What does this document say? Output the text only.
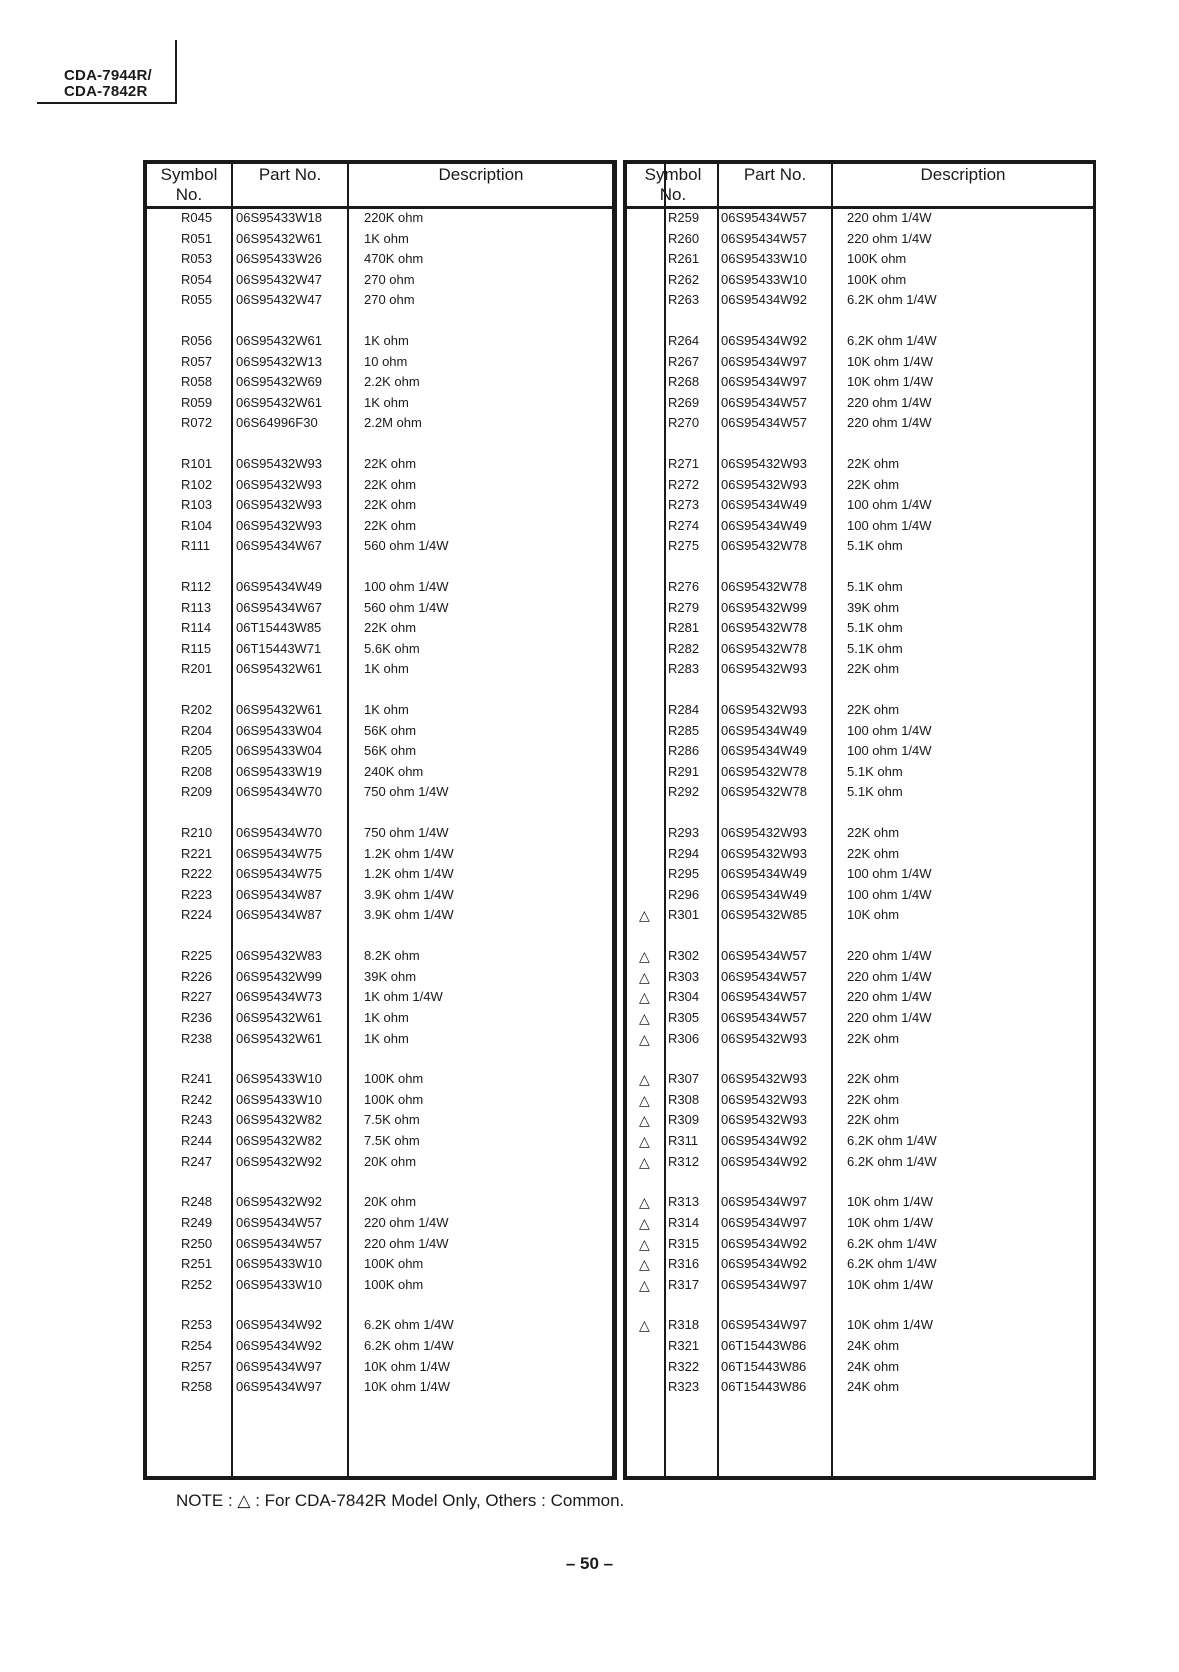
CDA-7944R/
CDA-7842R
Symbol
No.
Part No.	Description
R045 06S95433W18	220K ohm
R051 06S95432W61	1K ohm
R053 06S95433W26	470K ohm
R054 06S95432W47	270 ohm
R055 06S95432W47	270 ohm
R056 06S95432W61	1K ohm
R057 06S95432W13	10 ohm
R058 06S95432W69	2.2K ohm
R059 06S95432W61	1K ohm
R072 06S64996F30	2.2M ohm
R101 06S95432W93	22K ohm
R102 06S95432W93	22K ohm
R103 06S95432W93	22K ohm
R104 06S95432W93	22K ohm
R111 06S95434W67	560 ohm 1/4W
R112 06S95434W49	100 ohm 1/4W
R113 06S95434W67	560 ohm 1/4W
R114 06T15443W85	22K ohm
R115 06T15443W71	5.6K ohm
R201 06S95432W61	1K ohm
R202 06S95432W61	1K ohm
R204 06S95433W04	56K ohm
R205 06S95433W04	56K ohm
R208 06S95433W19	240K ohm
R209 06S95434W70	750 ohm 1/4W
R210 06S95434W70	750 ohm 1/4W
R221 06S95434W75	1.2K ohm 1/4W
R222 06S95434W75	1.2K ohm 1/4W
R223 06S95434W87	3.9K ohm 1/4W
R224 06S95434W87	3.9K ohm 1/4W
R225 06S95432W83	8.2K ohm
R226 06S95432W99	39K ohm
R227 06S95434W73	1K ohm 1/4W
R236 06S95432W61	1K ohm
R238 06S95432W61	1K ohm
R241 06S95433W10	100K ohm
R242 06S95433W10	100K ohm
R243 06S95432W82	7.5K ohm
R244 06S95432W82	7.5K ohm
R247 06S95432W92	20K ohm
R248 06S95432W92	20K ohm
R249 06S95434W57	220 ohm 1/4W
R250 06S95434W57	220 ohm 1/4W
R251 06S95433W10	100K ohm
R252 06S95433W10	100K ohm
R253 06S95434W92	6.2K ohm 1/4W
R254 06S95434W92	6.2K ohm 1/4W
R257 06S95434W97	10K ohm 1/4W
R258 06S95434W97	10K ohm 1/4W
Symbol
No.
Part No.	Description
R259 06S95434W57	220 ohm 1/4W
R260 06S95434W57	220 ohm 1/4W
R261 06S95433W10	100K ohm
R262 06S95433W10	100K ohm
R263 06S95434W92	6.2K ohm 1/4W
R264 06S95434W92	6.2K ohm 1/4W
R267 06S95434W97	10K ohm 1/4W
R268 06S95434W97	10K ohm 1/4W
R269 06S95434W57	220 ohm 1/4W
R270 06S95434W57	220 ohm 1/4W
R271 06S95432W93	22K ohm
R272 06S95432W93	22K ohm
R273 06S95434W49	100 ohm 1/4W
R274 06S95434W49	100 ohm 1/4W
R275 06S95432W78	5.1K ohm
R276 06S95432W78	5.1K ohm
R279 06S95432W99	39K ohm
R281 06S95432W78	5.1K ohm
R282 06S95432W78	5.1K ohm
R283 06S95432W93	22K ohm
R284 06S95432W93	22K ohm
R285 06S95434W49	100 ohm 1/4W
R286 06S95434W49	100 ohm 1/4W
R291 06S95432W78	5.1K ohm
R292 06S95432W78	5.1K ohm
R293 06S95432W93	22K ohm
R294 06S95432W93	22K ohm
R295 06S95434W49	100 ohm 1/4W
R296 06S95434W49	100 ohm 1/4W
△ R301 06S95432W85	10K ohm
△ R302 06S95434W57	220 ohm 1/4W
△ R303 06S95434W57	220 ohm 1/4W
△ R304 06S95434W57	220 ohm 1/4W
△ R305 06S95434W57	220 ohm 1/4W
△ R306 06S95432W93	22K ohm
△ R307 06S95432W93	22K ohm
△ R308 06S95432W93	22K ohm
△ R309 06S95432W93	22K ohm
△ R311 06S95434W92	6.2K ohm 1/4W
△ R312 06S95434W92	6.2K ohm 1/4W
△ R313 06S95434W97	10K ohm 1/4W
△ R314 06S95434W97	10K ohm 1/4W
△ R315 06S95434W92	6.2K ohm 1/4W
△ R316 06S95434W92	6.2K ohm 1/4W
△ R317 06S95434W97	10K ohm 1/4W
△ R318 06S95434W97	10K ohm 1/4W
R321 06T15443W86	24K ohm
R322 06T15443W86	24K ohm
R323 06T15443W86	24K ohm
NOTE : △ : For CDA-7842R Model Only, Others : Common.
– 50 –
